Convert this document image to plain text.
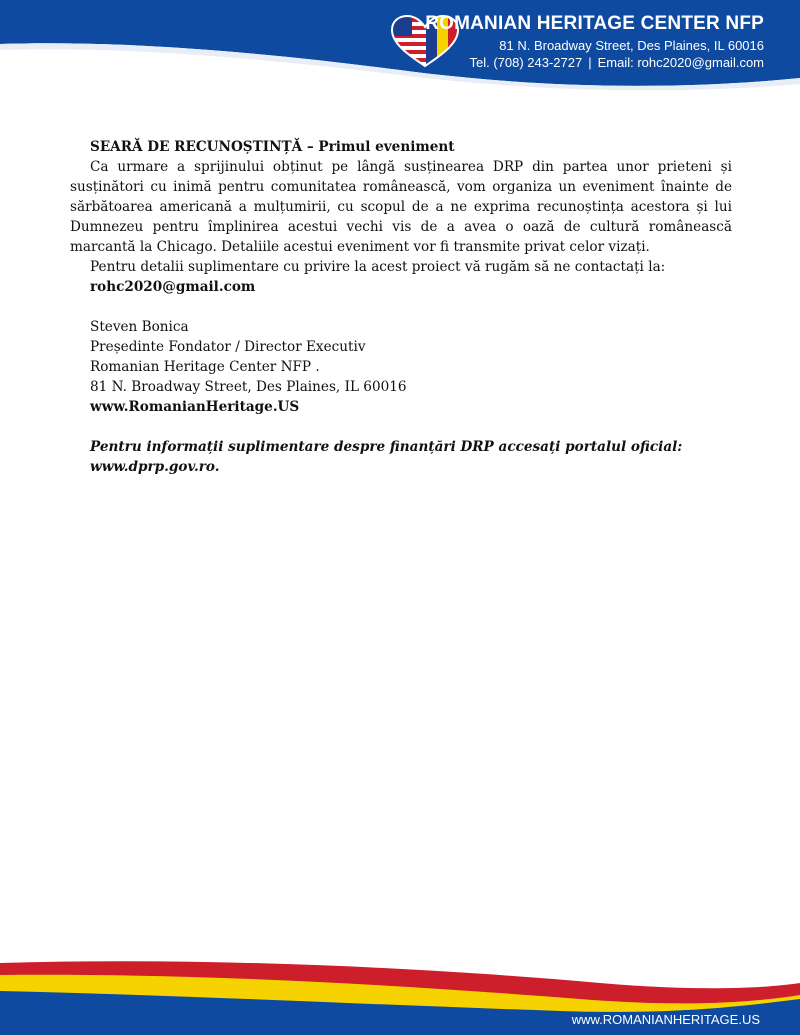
ROMANIAN HERITAGE CENTER NFP
81 N. Broadway Street, Des Plaines, IL 60016
Tel. (708) 243-2727 | Email: rohc2020@gmail.com

SEARĂ DE RECUNOȘTINȚĂ – Primul eveniment

Ca urmare a sprijinului obținut pe lângă susținearea DRP din partea unor prieteni și susținători cu inimă pentru comunitatea românească, vom organiza un eveniment înainte de sărbătoarea americană a mulțumirii, cu scopul de a ne exprima recunoștința acestora și lui Dumnezeu pentru împlinirea acestui vechi vis de a avea o oază de cultură românească marcantă la Chicago. Detaliile acestui eveniment vor fi transmite privat celor vizați.

Pentru detalii suplimentare cu privire la acest proiect vă rugăm să ne contactați la:

rohc2020@gmail.com

Steven Bonica

Președinte Fondator / Director Executiv

Romanian Heritage Center NFP .

81 N. Broadway Street, Des Plaines, IL 60016

www.RomanianHeritage.US

Pentru informații suplimentare despre finanțări DRP accesați portalul oficial:

www.dprp.gov.ro.

www.ROMANIANHERITAGE.US
